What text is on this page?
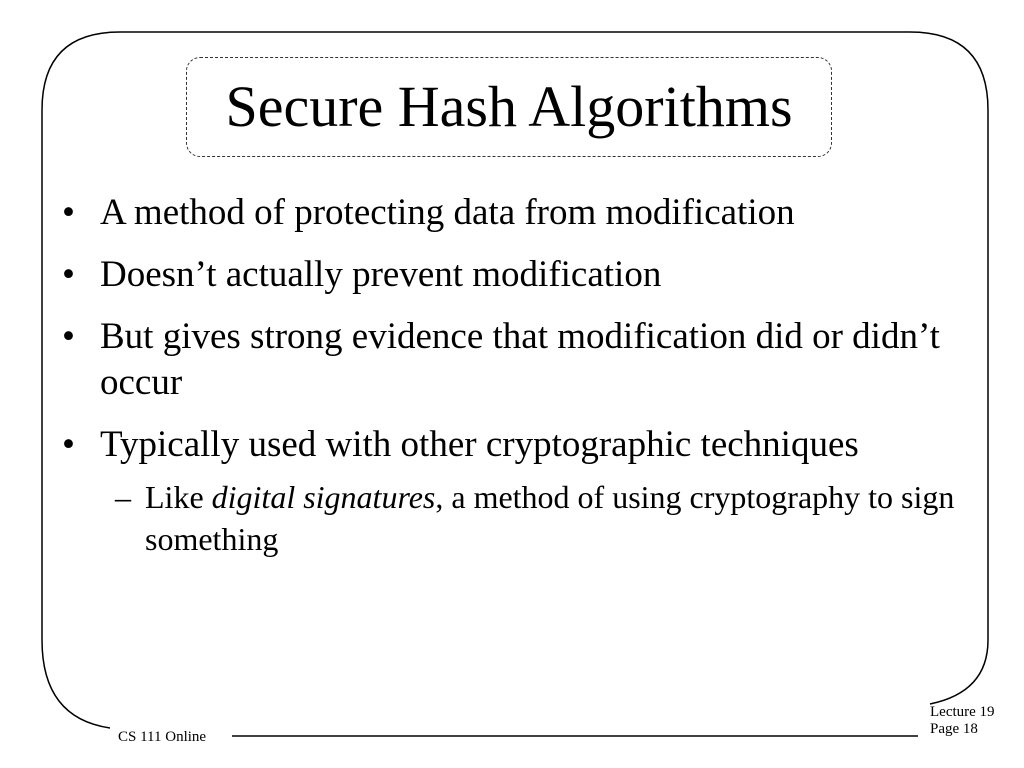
Secure Hash Algorithms
• A method of protecting data from modification
• Doesn’t actually prevent modification
• But gives strong evidence that modification did or didn’t occur
• Typically used with other cryptographic techniques
– Like digital signatures, a method of using cryptography to sign something
CS 111 Online
Lecture 19
Page 18
